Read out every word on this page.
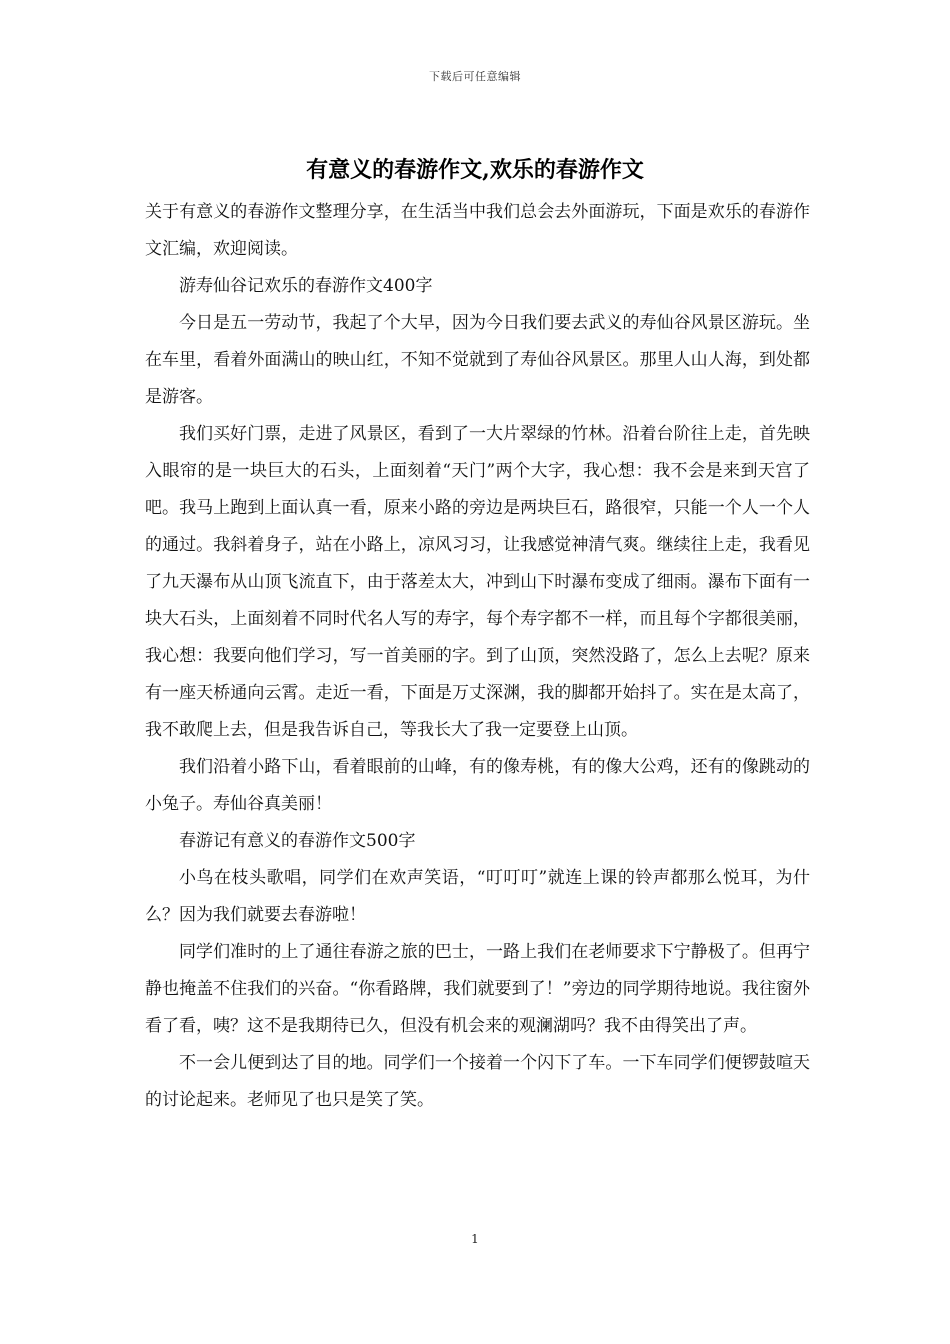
下载后可任意编辑
有意义的春游作文,欢乐的春游作文

关于有意义的春游作文整理分享，在生活当中我们总会去外面游玩，下面是欢乐的春游作文汇编，欢迎阅读。

游寿仙谷记欢乐的春游作文400字

今日是五一劳动节，我起了个大早，因为今日我们要去武义的寿仙谷风景区游玩。坐在车里，看着外面满山的映山红，不知不觉就到了寿仙谷风景区。那里人山人海，到处都是游客。

我们买好门票，走进了风景区，看到了一大片翠绿的竹林。沿着台阶往上走，首先映入眼帘的是一块巨大的石头，上面刻着“天门”两个大字，我心想：我不会是来到天宫了吧。我马上跑到上面认真一看，原来小路的旁边是两块巨石，路很窄，只能一个人一个人的通过。我斜着身子，站在小路上，凉风习习，让我感觉神清气爽。继续往上走，我看见了九天瀑布从山顶飞流直下，由于落差太大，冲到山下时瀑布变成了细雨。瀑布下面有一块大石头，上面刻着不同时代名人写的寿字，每个寿字都不一样，而且每个字都很美丽，我心想：我要向他们学习，写一首美丽的字。到了山顶，突然没路了，怎么上去呢？原来有一座天桥通向云霄。走近一看，下面是万丈深渊，我的脚都开始抖了。实在是太高了，我不敢爬上去，但是我告诉自己，等我长大了我一定要登上山顶。

我们沿着小路下山，看着眼前的山峰，有的像寿桃，有的像大公鸡，还有的像跳动的小兔子。寿仙谷真美丽！

春游记有意义的春游作文500字

小鸟在枝头歌唱，同学们在欢声笑语，“叮叮叮”就连上课的铃声都那么悦耳，为什么？因为我们就要去春游啦！

同学们准时的上了通往春游之旅的巴士，一路上我们在老师要求下宁静极了。但再宁静也掩盖不住我们的兴奋。“你看路牌，我们就要到了！”旁边的同学期待地说。我往窗外看了看，咦？这不是我期待已久，但没有机会来的观澜湖吗？我不由得笑出了声。

不一会儿便到达了目的地。同学们一个接着一个闪下了车。一下车同学们便锣鼓喧天的讨论起来。老师见了也只是笑了笑。

1
